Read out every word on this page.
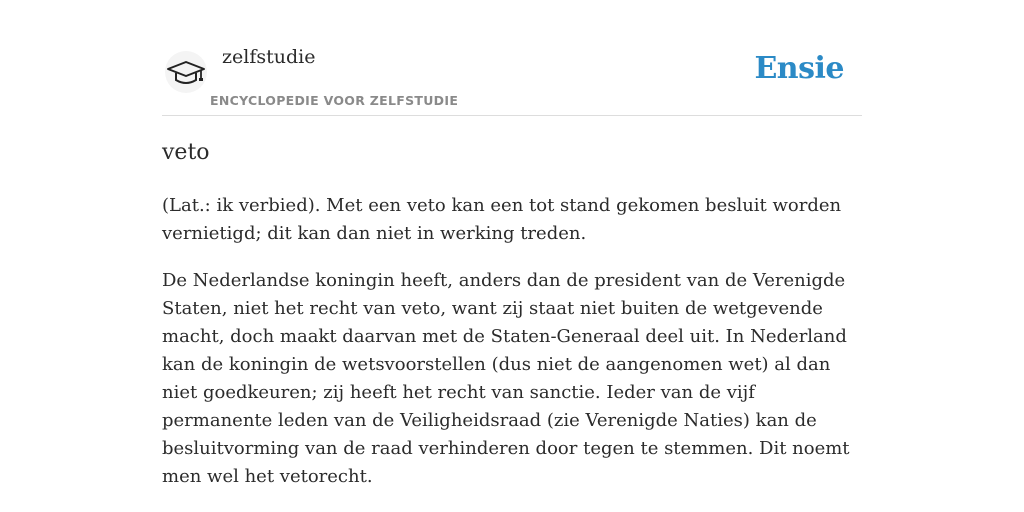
zelfstudie
ENCYCLOPEDIE VOOR ZELFSTUDIE
Ensie
veto

(Lat.: ik verbied). Met een veto kan een tot stand gekomen besluit worden vernietigd; dit kan dan niet in werking treden.

De Nederlandse koningin heeft, anders dan de president van de Verenigde Staten, niet het recht van veto, want zij staat niet buiten de wetgevende macht, doch maakt daarvan met de Staten-Generaal deel uit. In Nederland kan de koningin de wetsvoorstellen (dus niet de aangenomen wet) al dan niet goedkeuren; zij heeft het recht van sanctie. Ieder van de vijf permanente leden van de Veiligheidsraad (zie Verenigde Naties) kan de besluitvorming van de raad verhinderen door tegen te stemmen. Dit noemt men wel het vetorecht.
